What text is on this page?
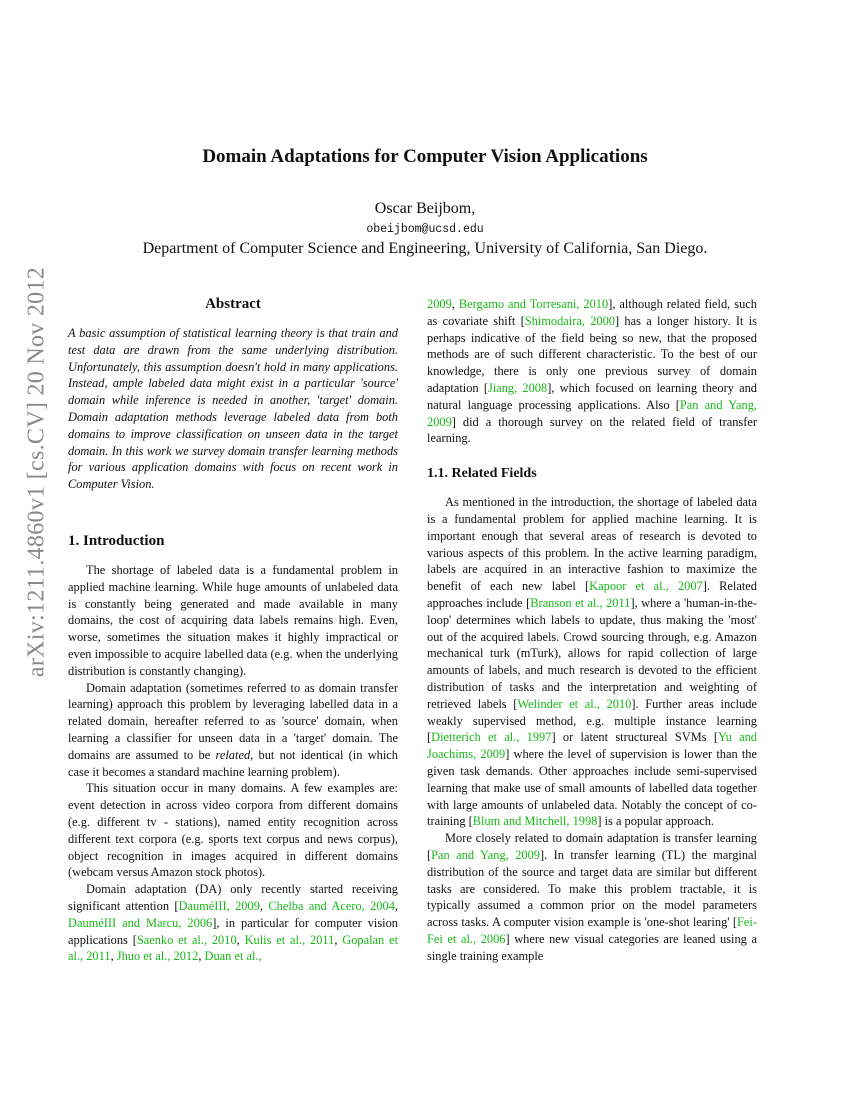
arXiv:1211.4860v1 [cs.CV] 20 Nov 2012
Domain Adaptations for Computer Vision Applications
Oscar Beijbom,
obeijbom@ucsd.edu
Department of Computer Science and Engineering, University of California, San Diego.
Abstract

A basic assumption of statistical learning theory is that train and test data are drawn from the same underlying distribution. Unfortunately, this assumption doesn't hold in many applications. Instead, ample labeled data might exist in a particular 'source' domain while inference is needed in another, 'target' domain. Domain adaptation methods leverage labeled data from both domains to improve classification on unseen data in the target domain. In this work we survey domain transfer learning methods for various application domains with focus on recent work in Computer Vision.

1. Introduction

The shortage of labeled data is a fundamental problem in applied machine learning. While huge amounts of unlabeled data is constantly being generated and made available in many domains, the cost of acquiring data labels remains high. Even, worse, sometimes the situation makes it highly impractical or even impossible to acquire labelled data (e.g. when the underlying distribution is constantly changing).

Domain adaptation (sometimes referred to as domain transfer learning) approach this problem by leveraging labelled data in a related domain, hereafter referred to as 'source' domain, when learning a classifier for unseen data in a 'target' domain. The domains are assumed to be related, but not identical (in which case it becomes a standard machine learning problem).

This situation occur in many domains. A few examples are: event detection in across video corpora from different domains (e.g. different tv - stations), named entity recognition across different text corpora (e.g. sports text corpus and news corpus), object recognition in images acquired in different domains (webcam versus Amazon stock photos).

Domain adaptation (DA) only recently started receiving significant attention [DauméIII, 2009, Chelba and Acero, 2004, DauméIII and Marcu, 2006], in particular for computer vision applications [Saenko et al., 2010, Kulis et al., 2011, Gopalan et al., 2011, Jhuo et al., 2012, Duan et al.,

2009, Bergamo and Torresani, 2010], although related field, such as covariate shift [Shimodaira, 2000] has a longer history. It is perhaps indicative of the field being so new, that the proposed methods are of such different characteristic. To the best of our knowledge, there is only one previous survey of domain adaptation [Jiang, 2008], which focused on learning theory and natural language processing applications. Also [Pan and Yang, 2009] did a thorough survey on the related field of transfer learning.

1.1. Related Fields

As mentioned in the introduction, the shortage of labeled data is a fundamental problem for applied machine learning. It is important enough that several areas of research is devoted to various aspects of this problem. In the active learning paradigm, labels are acquired in an interactive fashion to maximize the benefit of each new label [Kapoor et al., 2007]. Related approaches include [Branson et al., 2011], where a 'human-in-the-loop' determines which labels to update, thus making the 'most' out of the acquired labels. Crowd sourcing through, e.g. Amazon mechanical turk (mTurk), allows for rapid collection of large amounts of labels, and much research is devoted to the efficient distribution of tasks and the interpretation and weighting of retrieved labels [Welinder et al., 2010]. Further areas include weakly supervised method, e.g. multiple instance learning [Dietterich et al., 1997] or latent structureal SVMs [Yu and Joachims, 2009] where the level of supervision is lower than the given task demands. Other approaches include semi-supervised learning that make use of small amounts of labelled data together with large amounts of unlabeled data. Notably the concept of co-training [Blum and Mitchell, 1998] is a popular approach.

More closely related to domain adaptation is transfer learning [Pan and Yang, 2009]. In transfer learning (TL) the marginal distribution of the source and target data are similar but different tasks are considered. To make this problem tractable, it is typically assumed a common prior on the model parameters across tasks. A computer vision example is 'one-shot learing' [Fei-Fei et al., 2006] where new visual categories are leaned using a single training example
